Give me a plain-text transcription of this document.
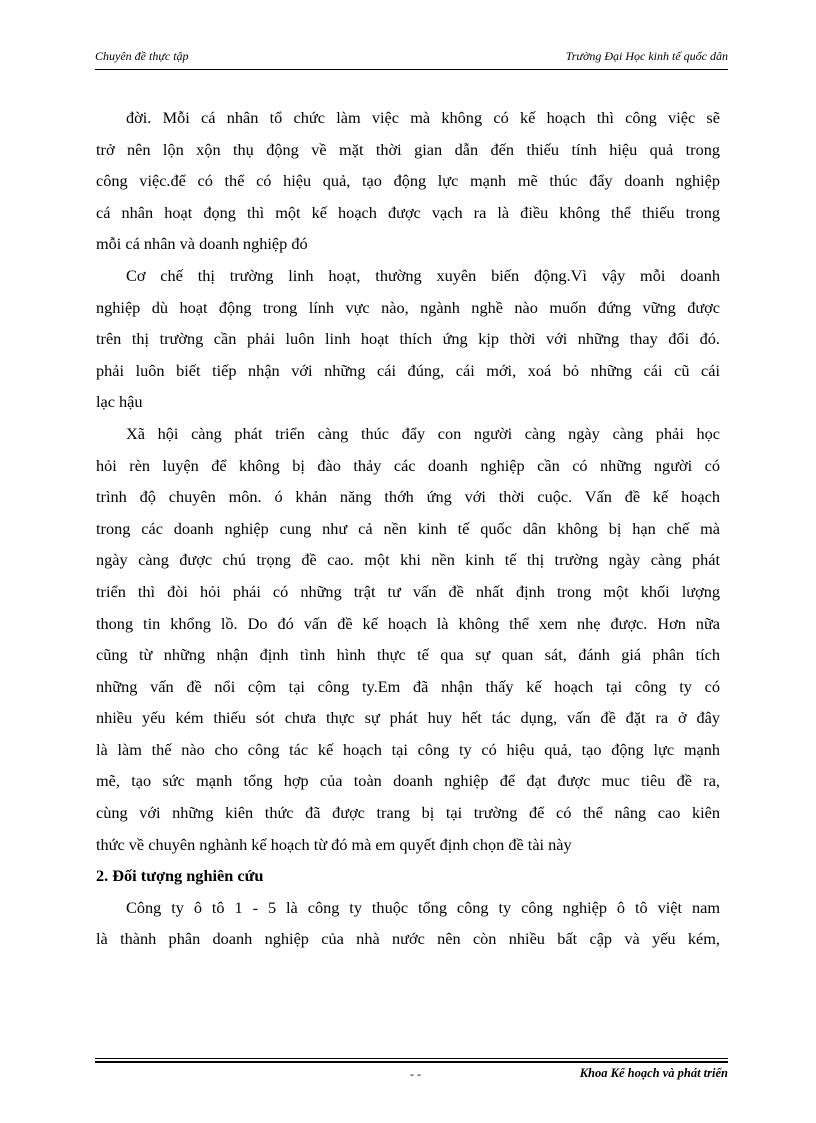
Chuyên đề thực tập	Trường Đại Học kinh tế quốc dân
đời. Mỗi cá nhân tổ chức làm việc mà không có kế hoạch thì công việc sẽ
trở nên lộn xộn thụ động về mặt thời gian dẫn đến thiếu tính hiệu quả trong
công việc.để có thể có hiệu quả, tạo động lực mạnh mẽ thúc đẩy doanh nghiệp
cá nhân hoạt đọng thì một kế hoạch được vạch ra là điều không thể thiếu trong
mỗi cá nhân và doanh nghiệp đó
Cơ chế thị trường linh hoạt, thường xuyên biến động.Vì vậy mỗi doanh
nghiệp dù hoạt động trong lính vực nào, ngành nghề nào muốn đứng vững được
trên thị trường cần phải luôn linh hoạt thích ứng kịp thời với những thay đổi đó.
phải luôn biết tiếp nhận với những cái đúng, cái mới, xoá bỏ những cái cũ cái
lạc hậu
Xã hội càng phát triển càng thúc đẩy con người càng ngày càng phải học
hỏi rèn luyện để không bị đào thảy các doanh nghiệp cần có những người có
trình độ chuyên môn. ó khản năng thớh ứng với thời cuộc. Vấn đề kế hoạch
trong các doanh nghiệp cung như cả nền kinh tế quốc dân không bị hạn chế mà
ngày càng được chú trọng đề cao. một khi nền kinh tế thị trường ngày càng phát
triển thì đòi hỏi phái có những trật tư vấn đề nhất định trong một khối lượng
thong tin khổng lồ. Do đó vấn đề kế hoạch là không thể xem nhẹ được. Hơn nữa
cũng từ những nhận định tình hình thực tế qua sự quan sát, đánh giá phân tích
những vấn đề nổi cộm tại công ty.Em đã nhận thấy kế hoạch tại công ty có
nhiều yếu kém thiếu sót chưa thực sự phát huy hết tác dụng, vấn đề đặt ra ở đây
là làm thế nào cho công tác kế hoạch tại công ty có hiệu quả, tạo động lực mạnh
mẽ, tạo sức mạnh tổng hợp của toàn doanh nghiệp để đạt được muc tiêu đề ra,
cùng với những kiên thức đã được trang bị tại trường để có thể nâng cao kiên
thức về chuyên nghành kế hoạch từ đó mà em quyết định chọn đề tài này
2. Đối tượng nghiên cứu
Công ty ô tô 1 - 5 là công ty thuộc tổng công ty công nghiệp ô tô việt nam
là thành phân doanh nghiệp của nhà nước nên còn nhiều bất cập và yếu kém,
- -	Khoa Kế hoạch và phát triển
